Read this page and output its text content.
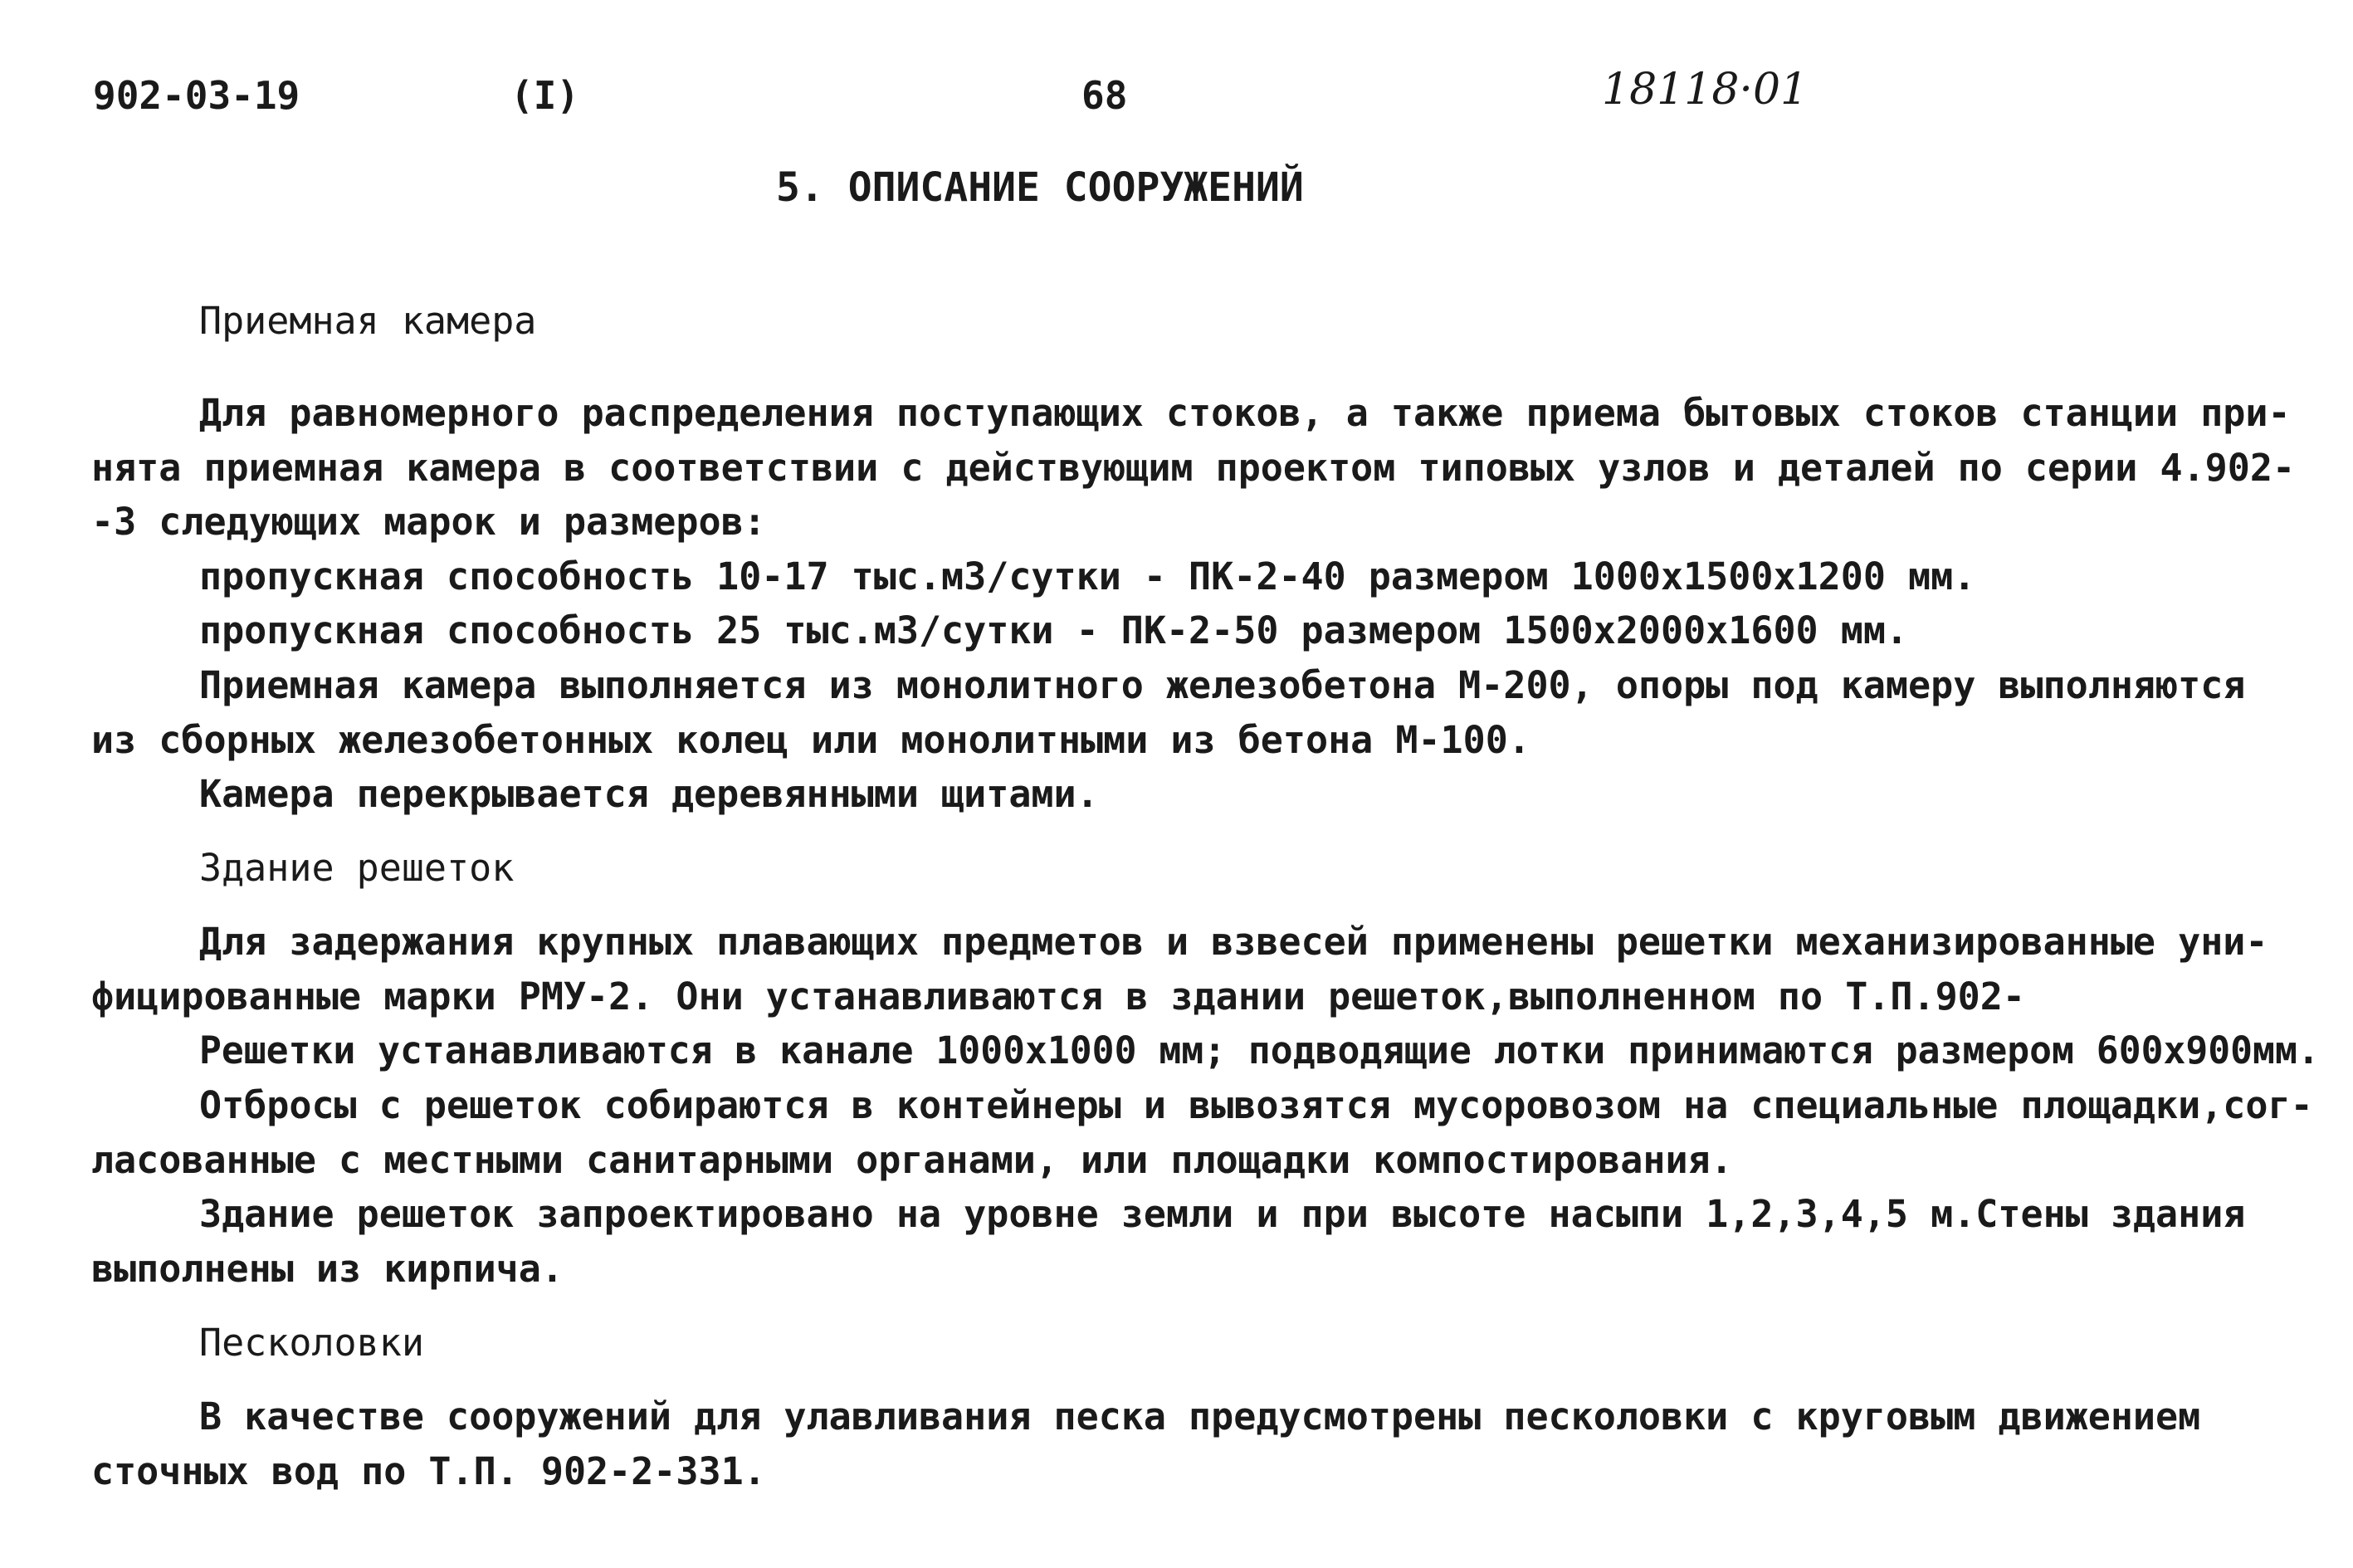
902-03-19	(I)	68	18118·01
5. ОПИСАНИЕ СООРУЖЕНИЙ
Приемная камера
Для равномерного распределения поступающих стоков, а также приема бытовых стоков станции при-
нята приемная камера в соответствии с действующим проектом типовых узлов и деталей по серии 4.902-
-3 следующих марок и размеров:
пропускная способность 10-17 тыс.м3/сутки - ПК-2-40 размером 1000х1500х1200 мм.
пропускная способность 25 тыс.м3/сутки - ПК-2-50 размером 1500х2000х1600 мм.
Приемная камера выполняется из монолитного железобетона М-200, опоры под камеру выполняются
из сборных железобетонных колец или монолитными из бетона М-100.
Камера перекрывается деревянными щитами.
Здание решеток
Для задержания крупных плавающих предметов и взвесей применены решетки механизированные уни-
фицированные марки РМУ-2. Они устанавливаются в здании решеток,выполненном по Т.П.902-
Решетки устанавливаются в канале 1000х1000 мм; подводящие лотки принимаются размером 600х900мм.
Отбросы с решеток собираются в контейнеры и вывозятся мусоровозом на специальные площадки,сог-
ласованные с местными санитарными органами, или площадки компостирования.
Здание решеток запроектировано на уровне земли и при высоте насыпи 1,2,3,4,5 м.Стены здания
выполнены из кирпича.
Песколовки
В качестве сооружений для улавливания песка предусмотрены песколовки с круговым движением
сточных вод по Т.П. 902-2-331.
